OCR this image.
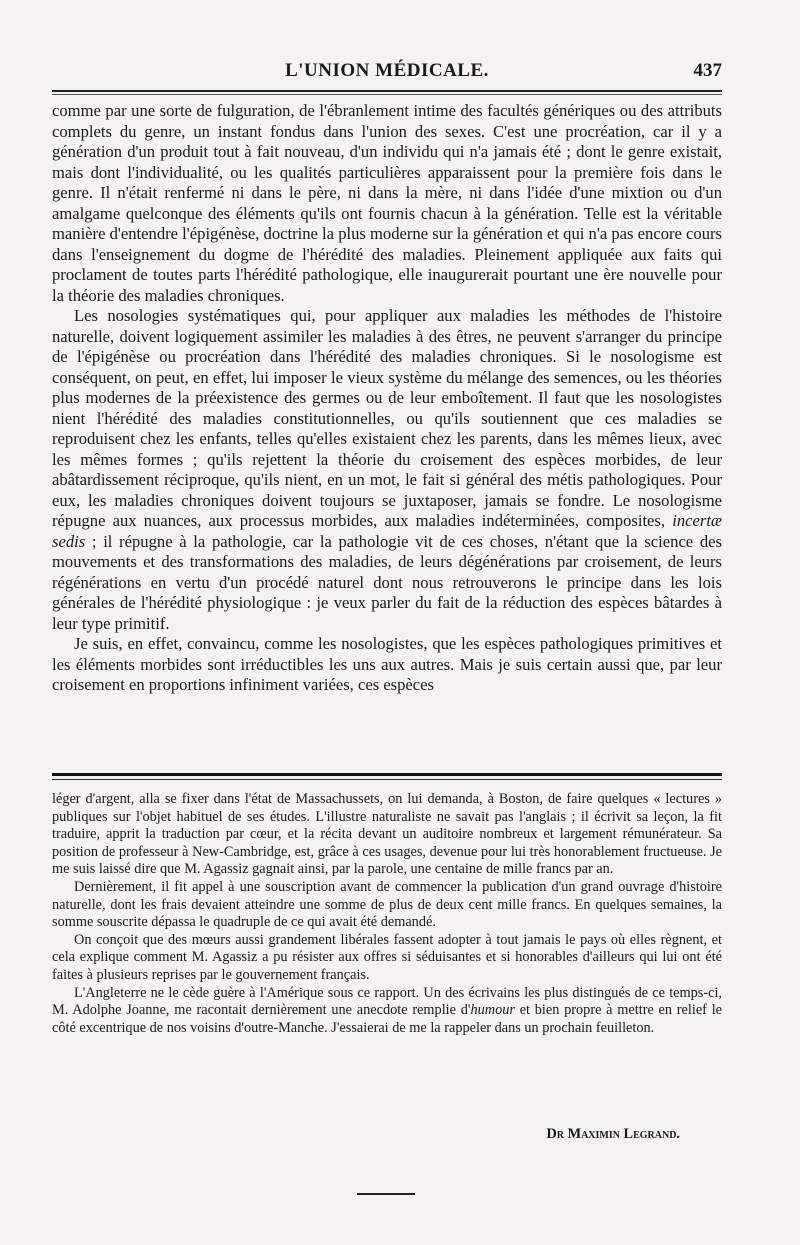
L'UNION MÉDICALE.	437

comme par une sorte de fulguration, de l'ébranlement intime des facultés génériques ou des attributs complets du genre, un instant fondus dans l'union des sexes. C'est une procréation, car il y a génération d'un produit tout à fait nouveau, d'un individu qui n'a jamais été ; dont le genre existait, mais dont l'individualité, ou les qualités particulières apparaissent pour la première fois dans le genre. Il n'était renfermé ni dans le père, ni dans la mère, ni dans l'idée d'une mixtion ou d'un amalgame quelconque des éléments qu'ils ont fournis chacun à la génération. Telle est la véritable manière d'entendre l'épigénèse, doctrine la plus moderne sur la génération et qui n'a pas encore cours dans l'enseignement du dogme de l'hérédité des maladies. Pleinement appliquée aux faits qui proclament de toutes parts l'hérédité pathologique, elle inaugurerait pourtant une ère nouvelle pour la théorie des maladies chroniques.

Les nosologies systématiques qui, pour appliquer aux maladies les méthodes de l'histoire naturelle, doivent logiquement assimiler les maladies à des êtres, ne peuvent s'arranger du principe de l'épigénèse ou procréation dans l'hérédité des maladies chroniques. Si le nosologisme est conséquent, on peut, en effet, lui imposer le vieux système du mélange des semences, ou les théories plus modernes de la préexistence des germes ou de leur emboîtement. Il faut que les nosologistes nient l'hérédité des maladies constitutionnelles, ou qu'ils soutiennent que ces maladies se reproduisent chez les enfants, telles qu'elles existaient chez les parents, dans les mêmes lieux, avec les mêmes formes ; qu'ils rejettent la théorie du croisement des espèces morbides, de leur abâtardissement réciproque, qu'ils nient, en un mot, le fait si général des métis pathologiques. Pour eux, les maladies chroniques doivent toujours se juxtaposer, jamais se fondre. Le nosologisme répugne aux nuances, aux processus morbides, aux maladies indéterminées, composites, incertæ sedis ; il répugne à la pathologie, car la pathologie vit de ces choses, n'étant que la science des mouvements et des transformations des maladies, de leurs dégénérations par croisement, de leurs régénérations en vertu d'un procédé naturel dont nous retrouverons le principe dans les lois générales de l'hérédité physiologique : je veux parler du fait de la réduction des espèces bâtardes à leur type primitif.

Je suis, en effet, convaincu, comme les nosologistes, que les espèces pathologiques primitives et les éléments morbides sont irréductibles les uns aux autres. Mais je suis certain aussi que, par leur croisement en proportions infiniment variées, ces espèces

léger d'argent, alla se fixer dans l'état de Massachussets, on lui demanda, à Boston, de faire quelques « lectures » publiques sur l'objet habituel de ses études. L'illustre naturaliste ne savait pas l'anglais ; il écrivit sa leçon, la fit traduire, apprit la traduction par cœur, et la récita devant un auditoire nombreux et largement rémunérateur. Sa position de professeur à New-Cambridge, est, grâce à ces usages, devenue pour lui très honorablement fructueuse. Je me suis laissé dire que M. Agassiz gagnait ainsi, par la parole, une centaine de mille francs par an.

Dernièrement, il fit appel à une souscription avant de commencer la publication d'un grand ouvrage d'histoire naturelle, dont les frais devaient atteindre une somme de plus de deux cent mille francs. En quelques semaines, la somme souscrite dépassa le quadruple de ce qui avait été demandé.

On conçoit que des mœurs aussi grandement libérales fassent adopter à tout jamais le pays où elles règnent, et cela explique comment M. Agassiz a pu résister aux offres si séduisantes et si honorables d'ailleurs qui lui ont été faites à plusieurs reprises par le gouvernement français.

L'Angleterre ne le cède guère à l'Amérique sous ce rapport. Un des écrivains les plus distingués de ce temps-ci, M. Adolphe Joanne, me racontait dernièrement une anecdote remplie d'humour et bien propre à mettre en relief le côté excentrique de nos voisins d'outre-Manche. J'essaierai de me la rappeler dans un prochain feuilleton.

Dr Maximin Legrand.
